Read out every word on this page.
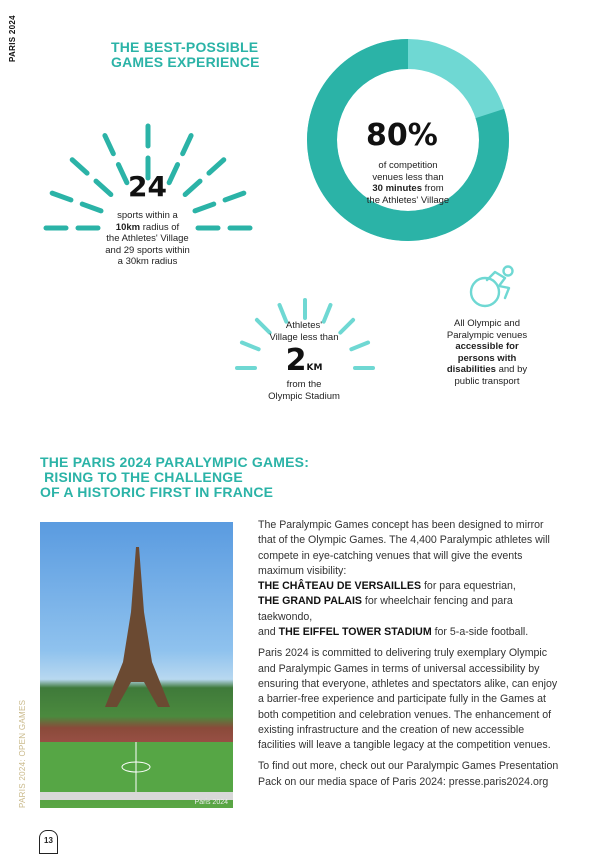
PARIS 2024	THE BEST-POSSIBLE
GAMES EXPERIENCE
24
sports within a
10km radius of
the Athletes' Village
and 29 sports within
a 30km radius
80%
of competition
venues less than
30 minutes from
the Athletes' Village
Athletes'
Village less than
2KM
from the
Olympic Stadium
All Olympic and
Paralympic venues
accessible for
persons with
disabilities and by
public transport
THE PARIS 2024 PARALYMPIC GAMES:
RISING TO THE CHALLENGE
OF A HISTORIC FIRST IN FRANCE
Paris 2024

The Paralympic Games concept has been designed to mirror that of the Olympic Games. The 4,400 Paralympic athletes will compete in eye-catching venues that will give the events maximum visibility:

THE CHÂTEAU DE VERSAILLES for para equestrian,
THE GRAND PALAIS for wheelchair fencing and para taekwondo,
and THE EIFFEL TOWER STADIUM for 5-a-side football.

Paris 2024 is committed to delivering truly exemplary Olympic and Paralympic Games in terms of universal accessibility by ensuring that everyone, athletes and spectators alike, can enjoy a barrier-free experience and participate fully in the Games at both competition and celebration venues. The enhancement of existing infrastructure and the creation of new accessible facilities will leave a tangible legacy at the competition venues.

To find out more, check out our Paralympic Games Presentation Pack on our media space of Paris 2024: presse.paris2024.org

PARIS 2024: OPEN GAMES
13
